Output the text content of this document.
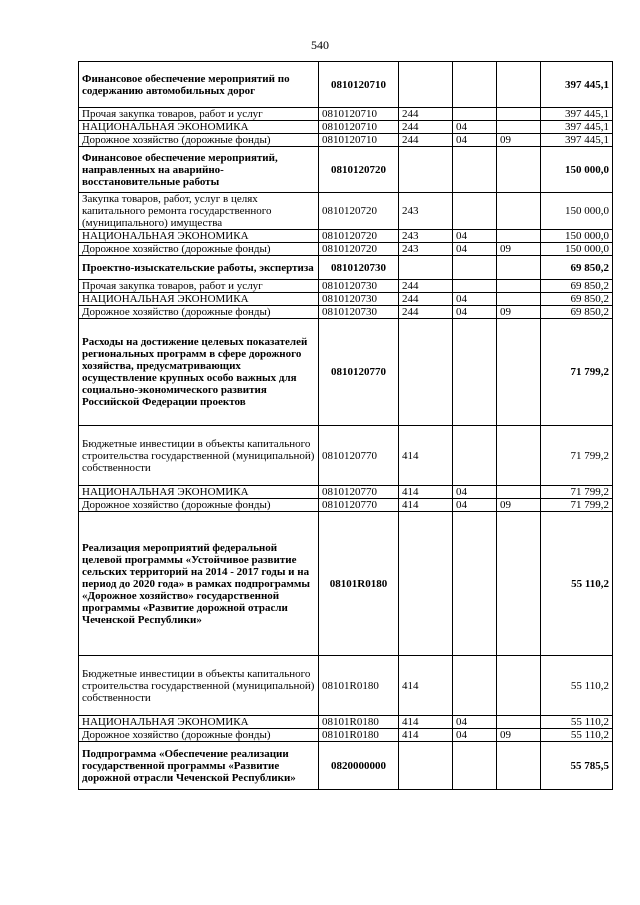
540
Финансовое обеспечение мероприятий по содержанию автомобильных дорог	0810120710				397 445,1
Прочая закупка товаров, работ и услуг	0810120710	244			397 445,1
НАЦИОНАЛЬНАЯ ЭКОНОМИКА	0810120710	244	04		397 445,1
Дорожное хозяйство (дорожные фонды)	0810120710	244	04	09	397 445,1
Финансовое обеспечение мероприятий, направленных на аварийно-восстановительные работы	0810120720				150 000,0
Закупка товаров, работ, услуг в целях капитального ремонта государственного (муниципального) имущества	0810120720	243			150 000,0
НАЦИОНАЛЬНАЯ ЭКОНОМИКА	0810120720	243	04		150 000,0
Дорожное хозяйство (дорожные фонды)	0810120720	243	04	09	150 000,0
Проектно-изыскательские работы, экспертиза	0810120730				69 850,2
Прочая закупка товаров, работ и услуг	0810120730	244			69 850,2
НАЦИОНАЛЬНАЯ ЭКОНОМИКА	0810120730	244	04		69 850,2
Дорожное хозяйство (дорожные фонды)	0810120730	244	04	09	69 850,2
Расходы на достижение целевых показателей региональных программ в сфере дорожного хозяйства, предусматривающих осуществление крупных особо важных для социально-экономического развития Российской Федерации проектов	0810120770				71 799,2
Бюджетные инвестиции в объекты капитального строительства государственной (муниципальной) собственности	0810120770	414			71 799,2
НАЦИОНАЛЬНАЯ ЭКОНОМИКА	0810120770	414	04		71 799,2
Дорожное хозяйство (дорожные фонды)	0810120770	414	04	09	71 799,2
Реализация мероприятий федеральной целевой программы «Устойчивое развитие сельских территорий на 2014 - 2017 годы и на период до 2020 года» в рамках подпрограммы «Дорожное хозяйство» государственной программы «Развитие дорожной отрасли Чеченской Республики»	08101R0180				55 110,2
Бюджетные инвестиции в объекты капитального строительства государственной (муниципальной) собственности	08101R0180	414			55 110,2
НАЦИОНАЛЬНАЯ ЭКОНОМИКА	08101R0180	414	04		55 110,2
Дорожное хозяйство (дорожные фонды)	08101R0180	414	04	09	55 110,2
Подпрограмма «Обеспечение реализации государственной программы «Развитие дорожной отрасли Чеченской Республики»	0820000000				55 785,5
